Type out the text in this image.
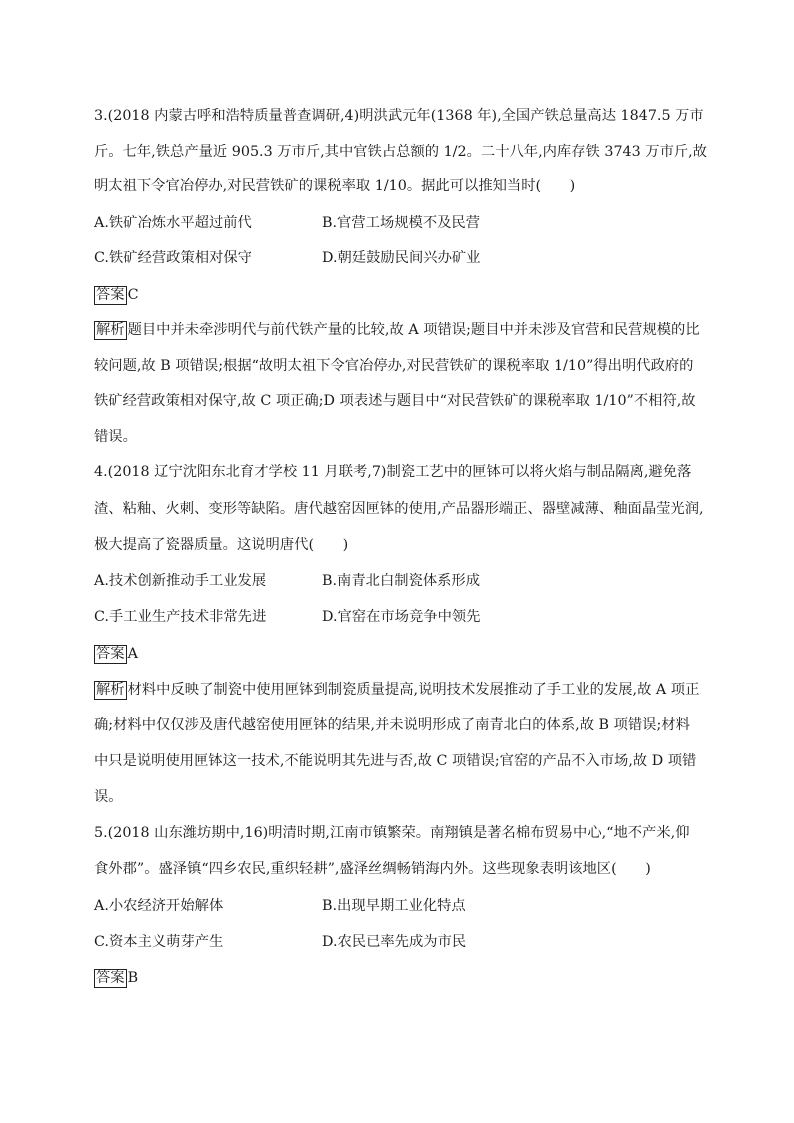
3.(2018 内蒙古呼和浩特质量普查调研,4)明洪武元年(1368 年),全国产铁总量高达 1847.5 万市
斤。七年,铁总产量近 905.3 万市斤,其中官铁占总额的 1/2。二十八年,内库存铁 3743 万市斤,故
明太祖下令官冶停办,对民营铁矿的课税率取 1/10。据此可以推知当时(　　)
A.铁矿冶炼水平超过前代	B.官营工场规模不及民营
C.铁矿经营政策相对保守	D.朝廷鼓励民间兴办矿业
答案 C
解析 题目中并未牵涉明代与前代铁产量的比较,故 A 项错误;题目中并未涉及官营和民营规模的比
较问题,故 B 项错误;根据“故明太祖下令官冶停办,对民营铁矿的课税率取 1/10”得出明代政府的
铁矿经营政策相对保守,故 C 项正确;D 项表述与题目中“对民营铁矿的课税率取 1/10”不相符,故
错误。
4.(2018 辽宁沈阳东北育才学校 11 月联考,7)制瓷工艺中的匣钵可以将火焰与制品隔离,避免落
渣、粘釉、火刺、变形等缺陷。唐代越窑因匣钵的使用,产品器形端正、器壁减薄、釉面晶莹光润,
极大提高了瓷器质量。这说明唐代(　　)
A.技术创新推动手工业发展	B.南青北白制瓷体系形成
C.手工业生产技术非常先进	D.官窑在市场竞争中领先
答案 A
解析 材料中反映了制瓷中使用匣钵到制瓷质量提高,说明技术发展推动了手工业的发展,故 A 项正
确;材料中仅仅涉及唐代越窑使用匣钵的结果,并未说明形成了南青北白的体系,故 B 项错误;材料
中只是说明使用匣钵这一技术,不能说明其先进与否,故 C 项错误;官窑的产品不入市场,故 D 项错
误。
5.(2018 山东潍坊期中,16)明清时期,江南市镇繁荣。南翔镇是著名棉布贸易中心,“地不产米,仰
食外郡”。盛泽镇“四乡农民,重织轻耕”,盛泽丝绸畅销海内外。这些现象表明该地区(　　)
A.小农经济开始解体	B.出现早期工业化特点
C.资本主义萌芽产生	D.农民已率先成为市民
答案 B
